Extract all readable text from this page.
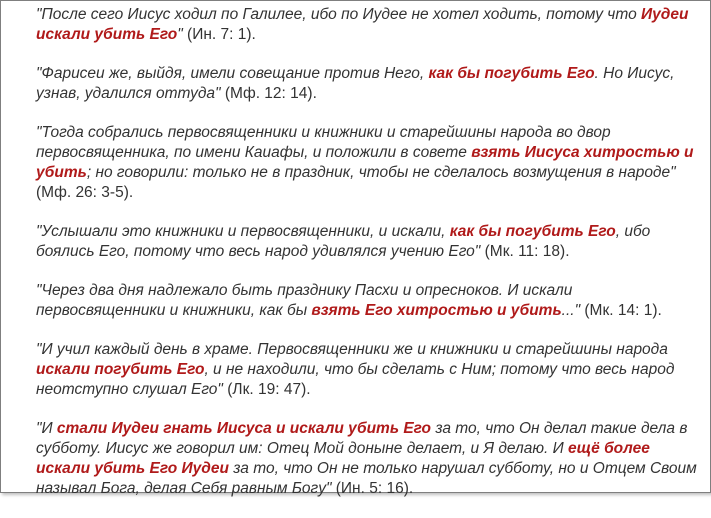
"После сего Иисус ходил по Галилее, ибо по Иудее не хотел ходить, потому что Иудеи искали убить Его" (Ин. 7: 1).

"Фарисеи же, выйдя, имели совещание против Него, как бы погубить Его. Но Иисус, узнав, удалился оттуда" (Мф. 12: 14).

"Тогда собрались первосвященники и книжники и старейшины народа во двор первосвященника, по имени Каиафы, и положили в совете взять Иисуса хитростью и убить; но говорили: только не в праздник, чтобы не сделалось возмущения в народе" (Мф. 26: 3-5).

"Услышали это книжники и первосвященники, и искали, как бы погубить Его, ибо боялись Его, потому что весь народ удивлялся учению Его" (Мк. 11: 18).

"Через два дня надлежало быть празднику Пасхи и опресноков. И искали первосвященники и книжники, как бы взять Его хитростью и убить..." (Мк. 14: 1).

"И учил каждый день в храме. Первосвященники же и книжники и старейшины народа искали погубить Его, и не находили, что бы сделать с Ним; потому что весь народ неотступно слушал Его" (Лк. 19: 47).

"И стали Иудеи гнать Иисуса и искали убить Его за то, что Он делал такие дела в субботу. Иисус же говорил им: Отец Мой доныне делает, и Я делаю. И ещё более искали убить Его Иудеи за то, что Он не только нарушал субботу, но и Отцем Своим называл Бога, делая Себя равным Богу" (Ин. 5: 16).
